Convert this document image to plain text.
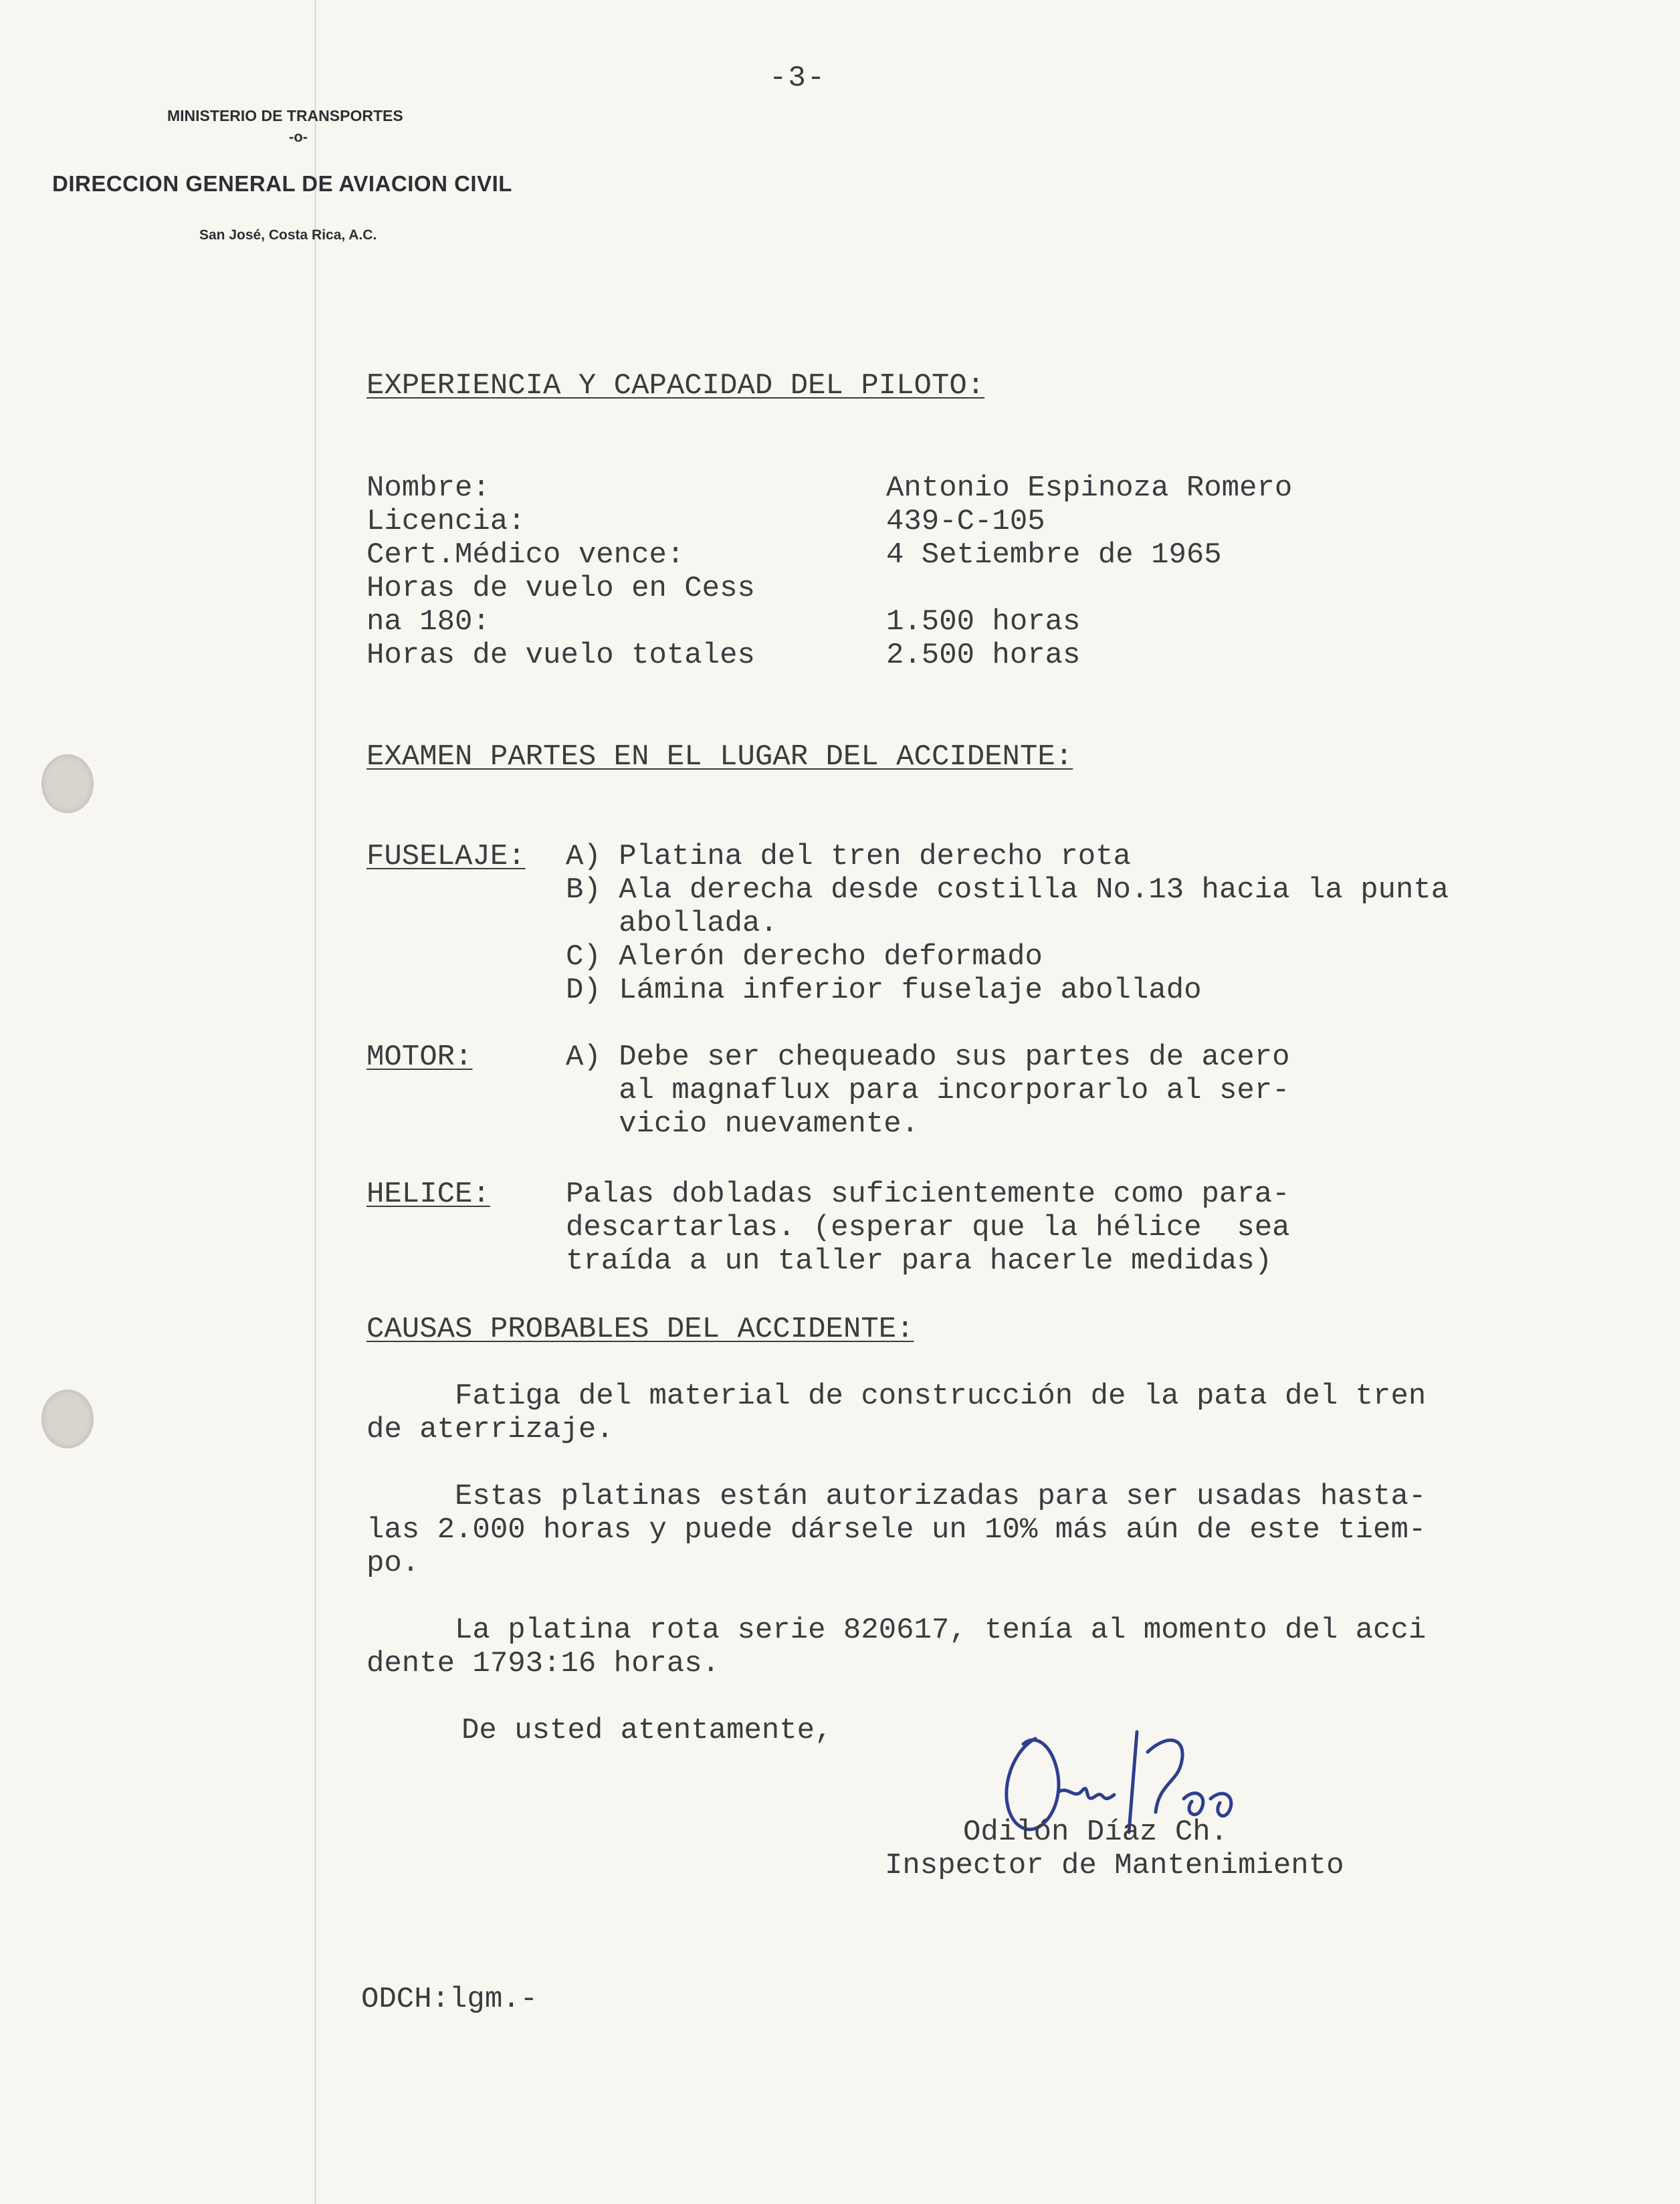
-3-
MINISTERIO DE TRANSPORTES
-o-
DIRECCION GENERAL DE AVIACION CIVIL
San José, Costa Rica, A.C.
EXPERIENCIA Y CAPACIDAD DEL PILOTO:
Nombre:	Antonio Espinoza Romero
Licencia:	439-C-105
Cert.Médico vence:	4 Setiembre de 1965
Horas de vuelo en Cess
na 180:	1.500 horas
Horas de vuelo totales	2.500 horas
EXAMEN PARTES EN EL LUGAR DEL ACCIDENTE:
FUSELAJE: A) Platina del tren derecho rota
B) Ala derecha desde costilla No.13 hacia la punta
abollada.
C) Alerón derecho deformado
D) Lámina inferior fuselaje abollado
MOTOR:	A) Debe ser chequeado sus partes de acero
al magnaflux para incorporarlo al ser-
vicio nuevamente.
HELICE:	Palas dobladas suficientemente como para-
descartarlas. (esperar que la hélice  sea
traída a un taller para hacerle medidas)
CAUSAS PROBABLES DEL ACCIDENTE:
Fatiga del material de construcción de la pata del tren
de aterrizaje.
Estas platinas están autorizadas para ser usadas hasta-
las 2.000 horas y puede dársele un 10% más aún de este tiem-
po.
La platina rota serie 820617, tenía al momento del acci
dente 1793:16 horas.
De usted atentamente,
Odilón Díaz Ch.
Inspector de Mantenimiento
ODCH:lgm.-
